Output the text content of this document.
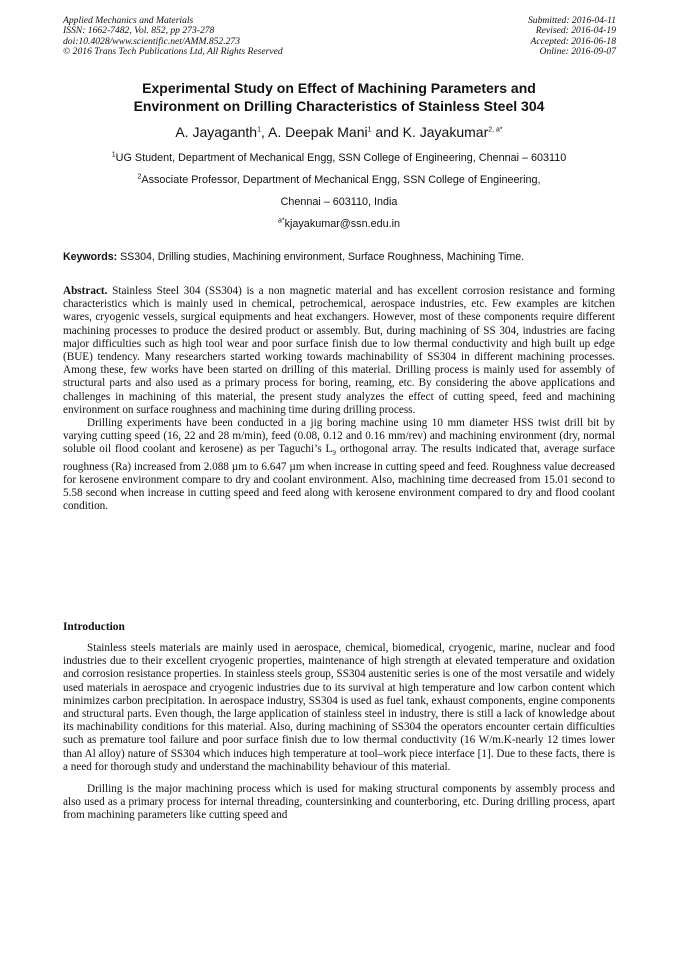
Applied Mechanics and Materials
ISSN: 1662-7482, Vol. 852, pp 273-278
doi:10.4028/www.scientific.net/AMM.852.273
© 2016 Trans Tech Publications Ltd, All Rights Reserved
Submitted: 2016-04-11
Revised: 2016-04-19
Accepted: 2016-06-18
Online: 2016-09-07
Experimental Study on Effect of Machining Parameters and
Environment on Drilling Characteristics of Stainless Steel 304
A. Jayaganth$^1$, A. Deepak Mani$^1$ and K. Jayakumar$^{2, a*}$
$^1$UG Student, Department of Mechanical Engg, SSN College of Engineering, Chennai – 603110
$^2$Associate Professor, Department of Mechanical Engg, SSN College of Engineering,
Chennai – 603110, India
$^{a*}$kjayakumar@ssn.edu.in
Keywords: SS304, Drilling studies, Machining environment, Surface Roughness, Machining Time.

Abstract. Stainless Steel 304 (SS304) is a non magnetic material and has excellent corrosion resistance and forming characteristics which is mainly used in chemical, petrochemical, aerospace industries, etc. Few examples are kitchen wares, cryogenic vessels, surgical equipments and heat exchangers. However, most of these components require different machining processes to produce the desired product or assembly. But, during machining of SS 304, industries are facing major difficulties such as high tool wear and poor surface finish due to low thermal conductivity and high built up edge (BUE) tendency. Many researchers started working towards machinability of SS304 in different machining processes. Among these, few works have been started on drilling of this material. Drilling process is mainly used for assembly of structural parts and also used as a primary process for boring, reaming, etc. By considering the above applications and challenges in machining of this material, the present study analyzes the effect of cutting speed, feed and machining environment on surface roughness and machining time during drilling process.

Drilling experiments have been conducted in a jig boring machine using 10 mm diameter HSS twist drill bit by varying cutting speed (16, 22 and 28 m/min), feed (0.08, 0.12 and 0.16 mm/rev) and machining environment (dry, normal soluble oil flood coolant and kerosene) as per Taguchi’s $L_9$ orthogonal array. The results indicated that, average surface roughness (Ra) increased from 2.088 µm to 6.647 µm when increase in cutting speed and feed. Roughness value decreased for kerosene environment compare to dry and coolant environment. Also, machining time decreased from 15.01 second to 5.58 second when increase in cutting speed and feed along with kerosene environment compared to dry and flood coolant condition.

Introduction

Stainless steels materials are mainly used in aerospace, chemical, biomedical, cryogenic, marine, nuclear and food industries due to their excellent cryogenic properties, maintenance of high strength at elevated temperature and oxidation and corrosion resistance properties. In stainless steels group, SS304 austenitic series is one of the most versatile and widely used materials in aerospace and cryogenic industries due to its survival at high temperature and low carbon content which minimizes carbon precipitation. In aerospace industry, SS304 is used as fuel tank, exhaust components, engine components and structural parts. Even though, the large application of stainless steel in industry, there is still a lack of knowledge about its machinability conditions for this material. Also, during machining of SS304 the operators encounter certain difficulties such as premature tool failure and poor surface finish due to low thermal conductivity (16 W/m.K-nearly 12 times lower than Al alloy) nature of SS304 which induces high temperature at tool–work piece interface [1]. Due to these facts, there is a need for thorough study and understand the machinability behaviour of this material.

Drilling is the major machining process which is used for making structural components by assembly process and also used as a primary process for internal threading, countersinking and counterboring, etc. During drilling process, apart from machining parameters like cutting speed and
